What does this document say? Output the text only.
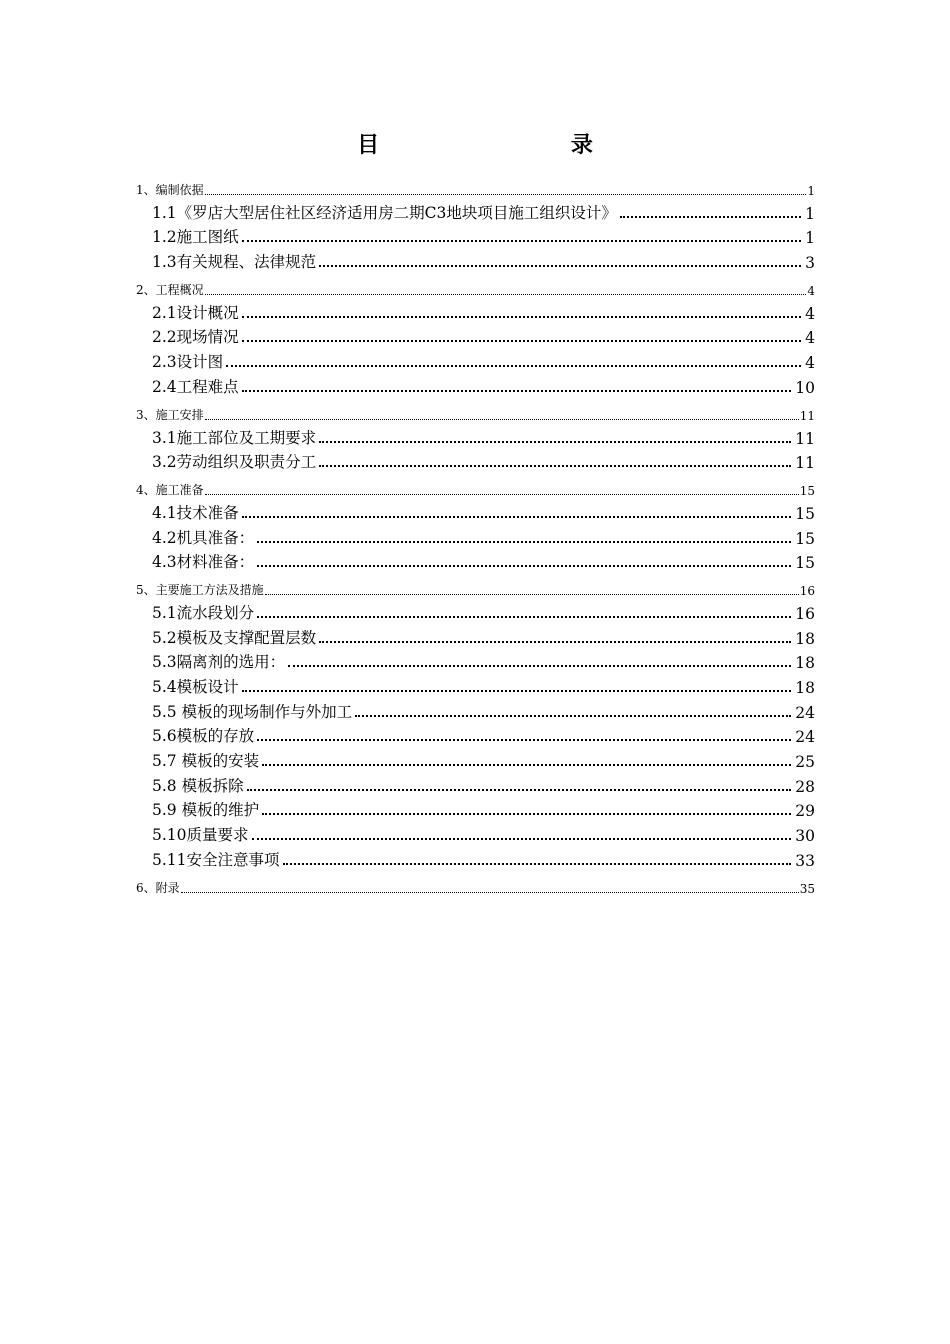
目 录
1、编制依据	1
1.1《罗店大型居住社区经济适用房二期C3地块项目施工组织设计》	1
1.2施工图纸	1
1.3有关规程、法律规范	3
2、工程概况	4
2.1设计概况	4
2.2现场情况	4
2.3设计图	4
2.4工程难点	10
3、施工安排	11
3.1施工部位及工期要求	11
3.2劳动组织及职责分工	11
4、施工准备	15
4.1技术准备	15
4.2机具准备：	15
4.3材料准备：	15
5、主要施工方法及措施	16
5.1流水段划分	16
5.2模板及支撑配置层数	18
5.3隔离剂的选用：	18
5.4模板设计	18
5.5 模板的现场制作与外加工	24
5.6模板的存放	24
5.7 模板的安装	25
5.8 模板拆除	28
5.9 模板的维护	29
5.10质量要求	30
5.11安全注意事项	33
6、附录	35
